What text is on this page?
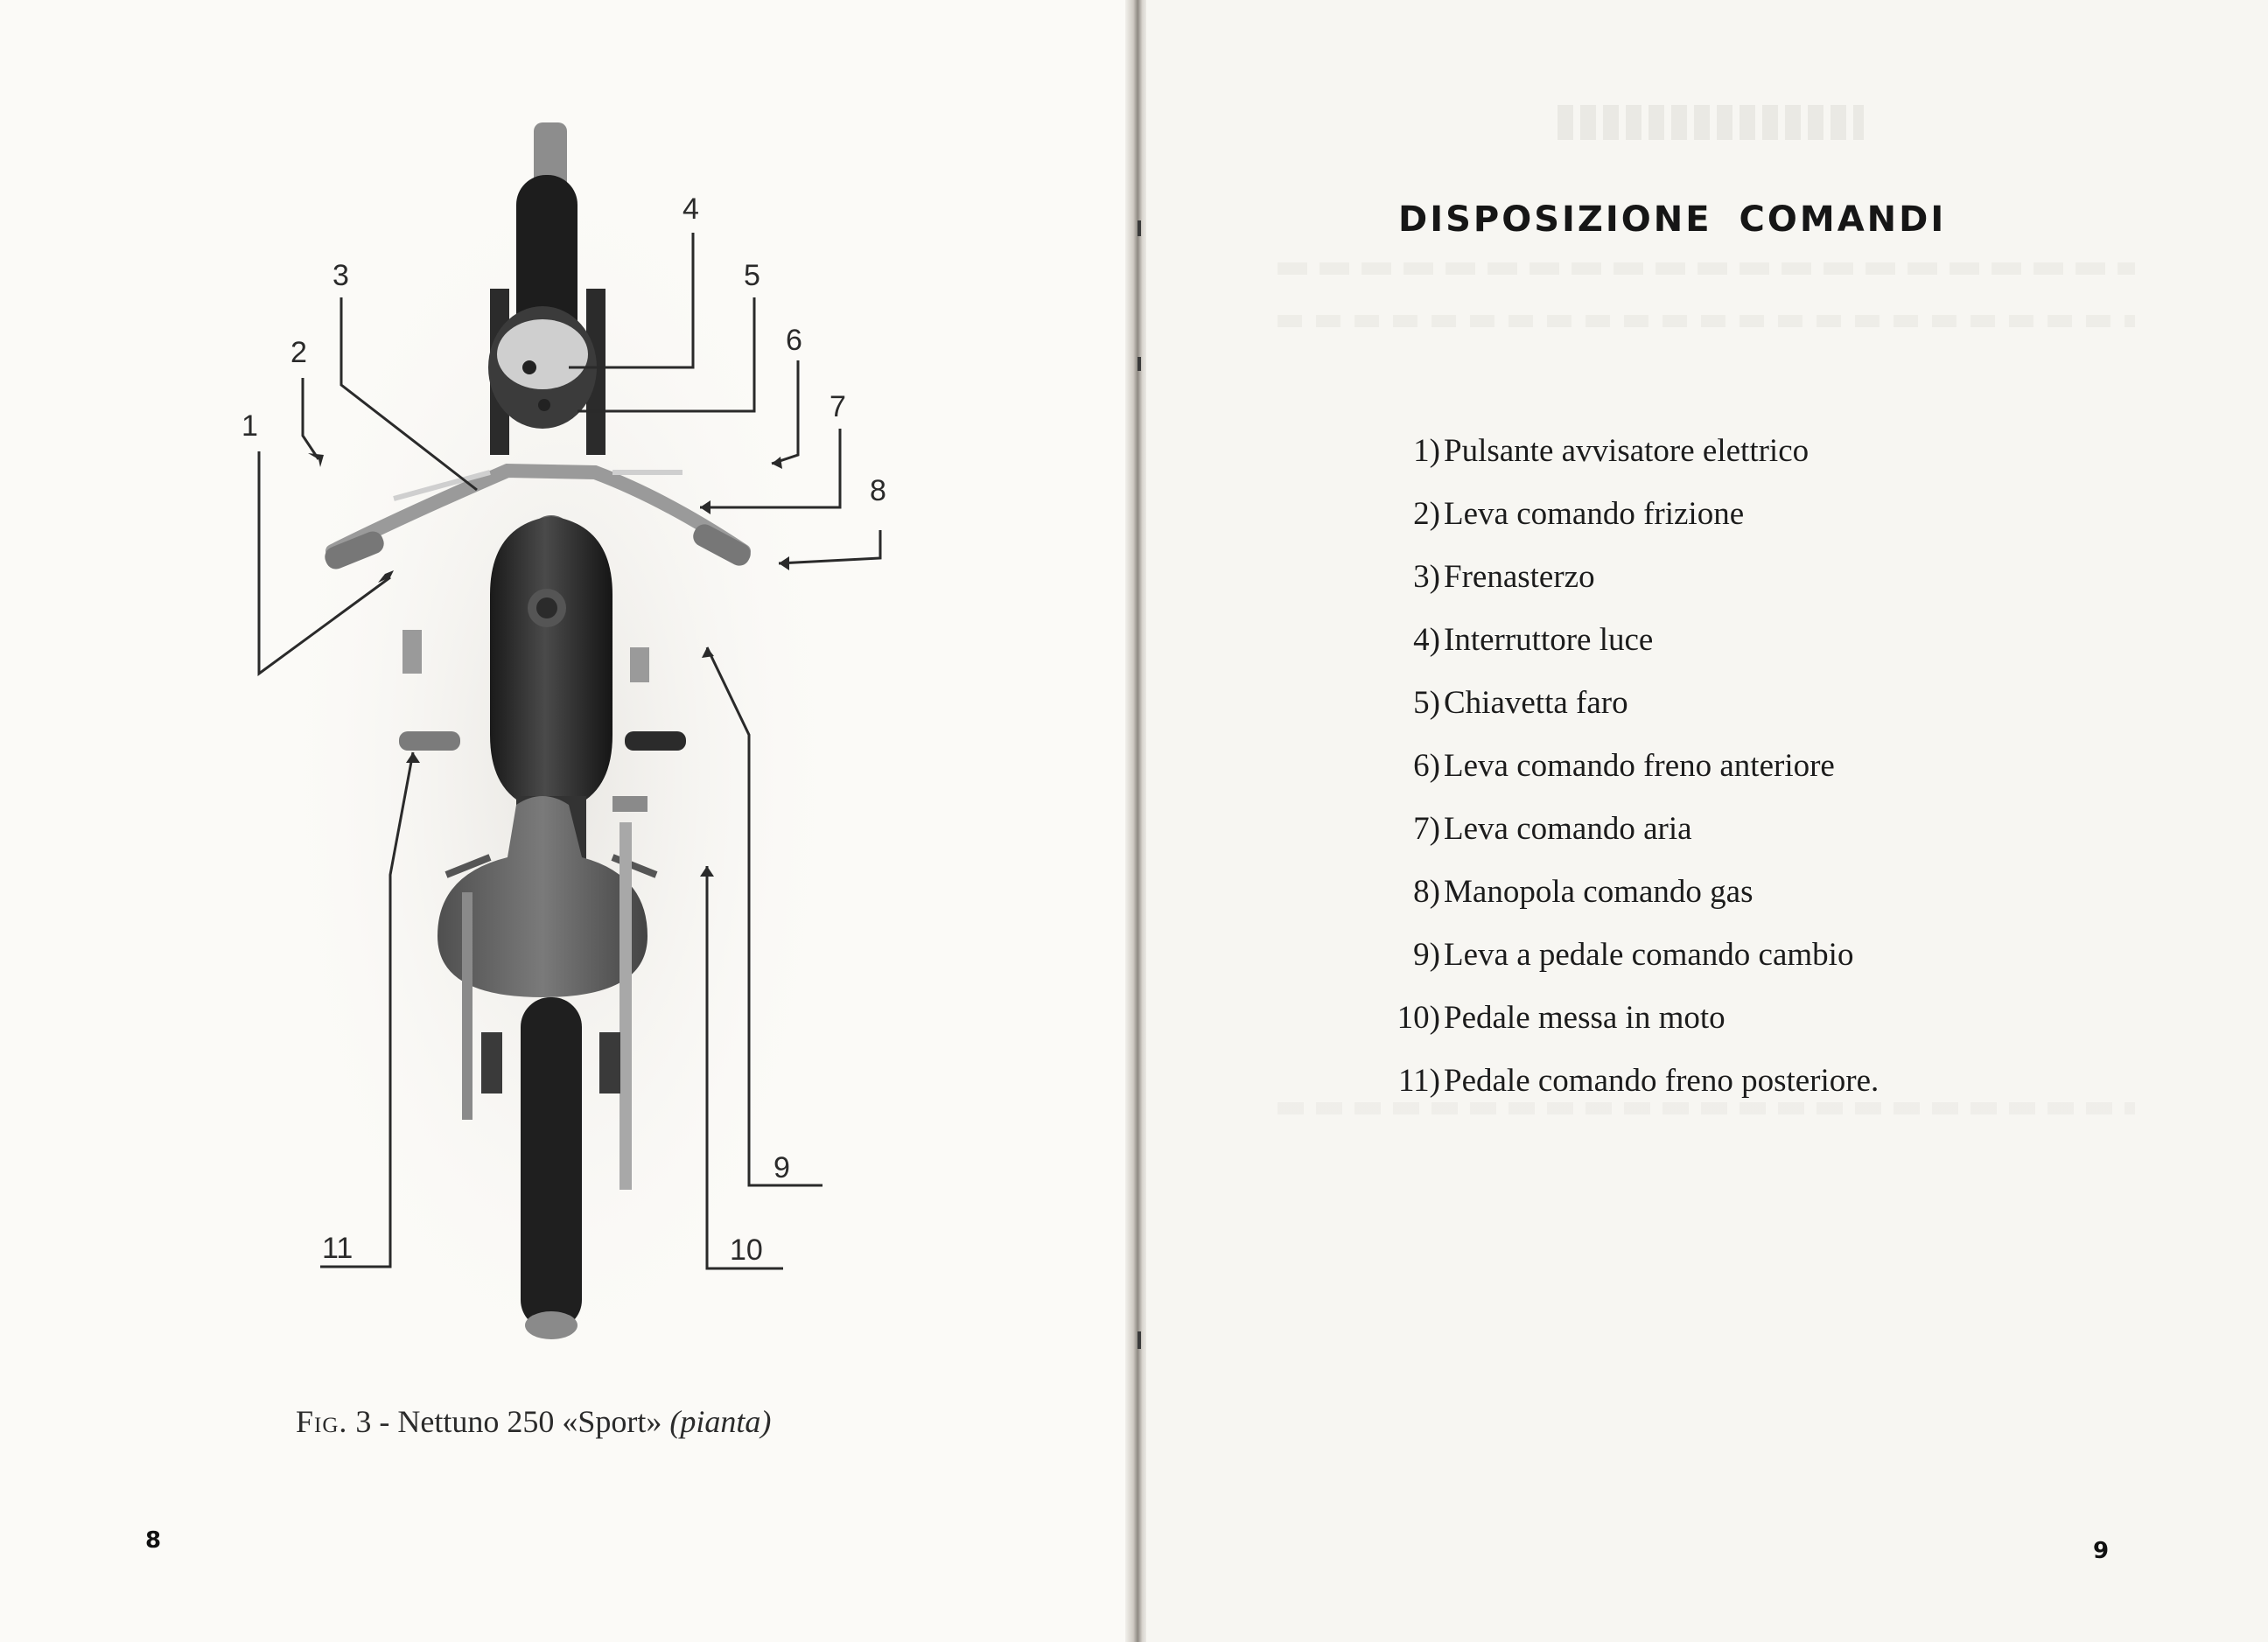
1
2
3
4
5
6
7
8
9
10
11
Fig. 3 - Nettuno 250 «Sport» (pianta)
8
DISPOSIZIONE COMANDI
1) Pulsante avvisatore elettrico
2) Leva comando frizione
3) Frenasterzo
4) Interruttore luce
5) Chiavetta faro
6) Leva comando freno anteriore
7) Leva comando aria
8) Manopola comando gas
9) Leva a pedale comando cambio
10) Pedale messa in moto
11) Pedale comando freno posteriore.
9
